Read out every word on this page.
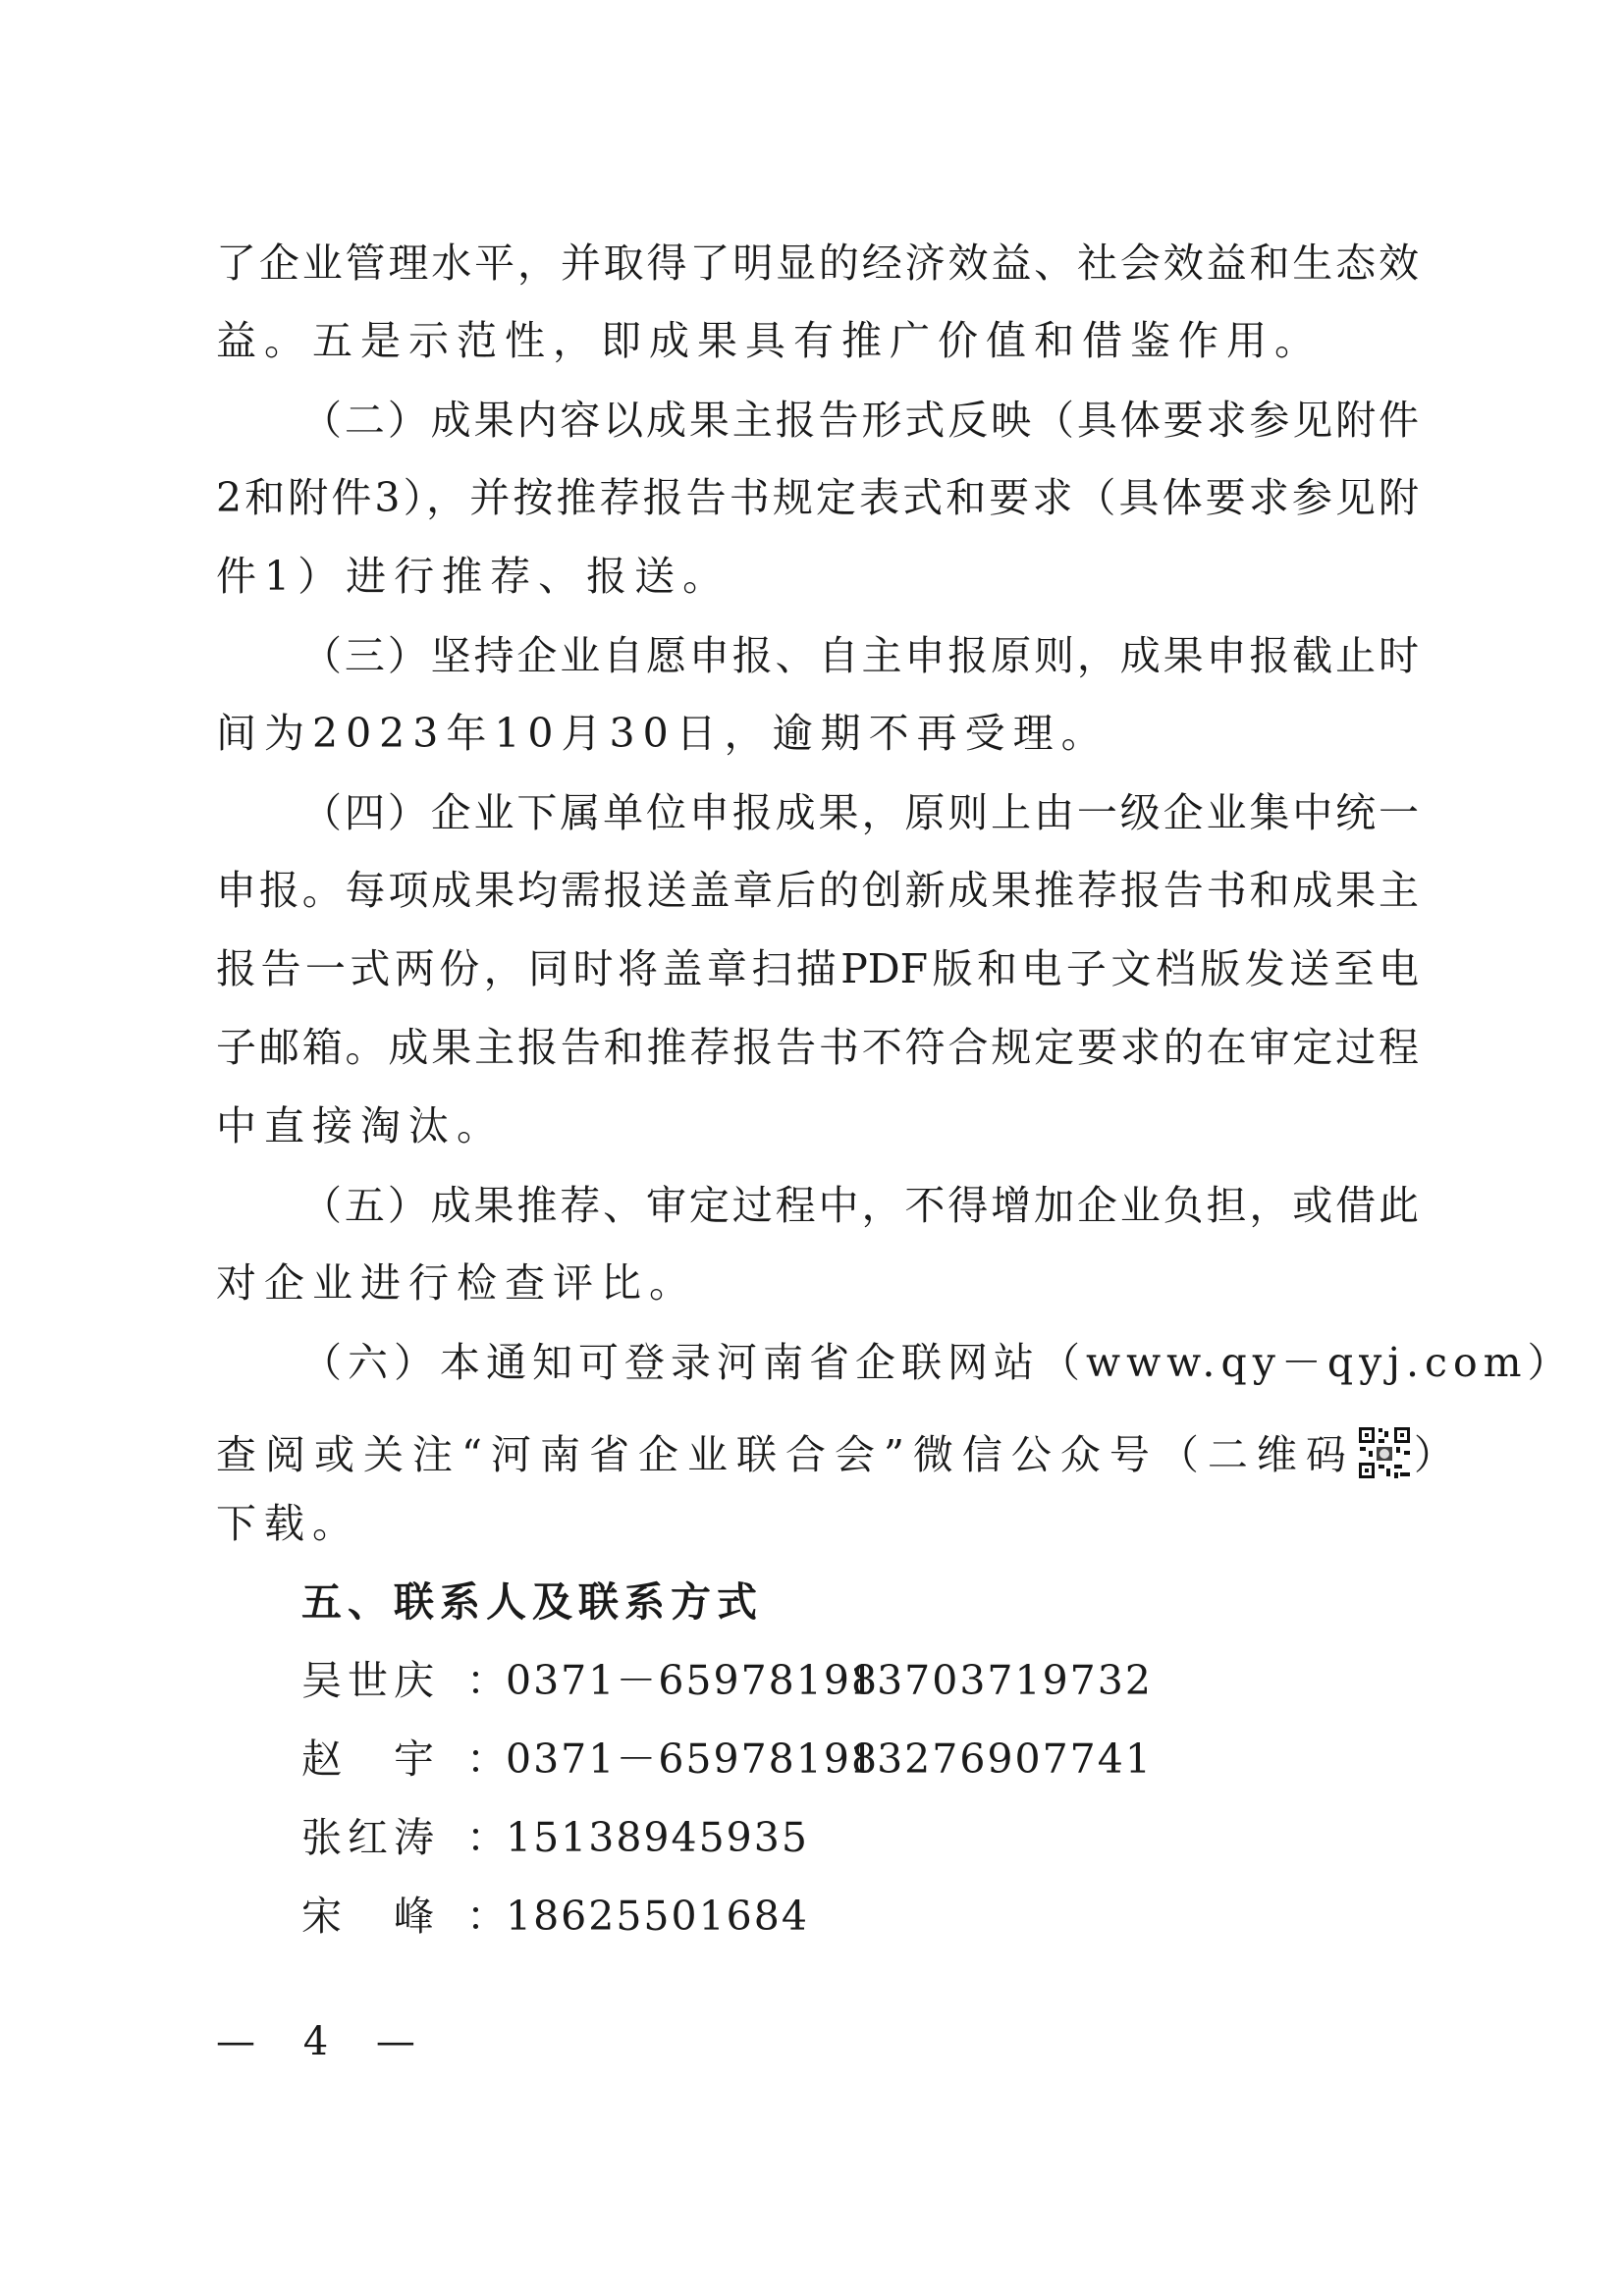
了企业管理水平，并取得了明显的经济效益、社会效益和生态效
益。五是示范性，即成果具有推广价值和借鉴作用。
（二）成果内容以成果主报告形式反映（具体要求参见附件
2和附件3），并按推荐报告书规定表式和要求（具体要求参见附
件1）进行推荐、报送。
（三）坚持企业自愿申报、自主申报原则，成果申报截止时
间为2023年10月30日，逾期不再受理。
（四）企业下属单位申报成果，原则上由一级企业集中统一
申报。每项成果均需报送盖章后的创新成果推荐报告书和成果主
报告一式两份，同时将盖章扫描PDF版和电子文档版发送至电
子邮箱。成果主报告和推荐报告书不符合规定要求的在审定过程
中直接淘汰。
（五）成果推荐、审定过程中，不得增加企业负担，或借此
对企业进行检查评比。
（六）本通知可登录河南省企联网站（www.qy－qyj.com）
查阅或关注“河南省企业联合会”微信公众号（二维码 ）
下载。
五、联系人及联系方式
吴世庆 ：0371－6597819813703719732
赵　宇 ：0371－6597819813276907741
张红涛 ：15138945935
宋　峰 ：18625501684
— 4 —
